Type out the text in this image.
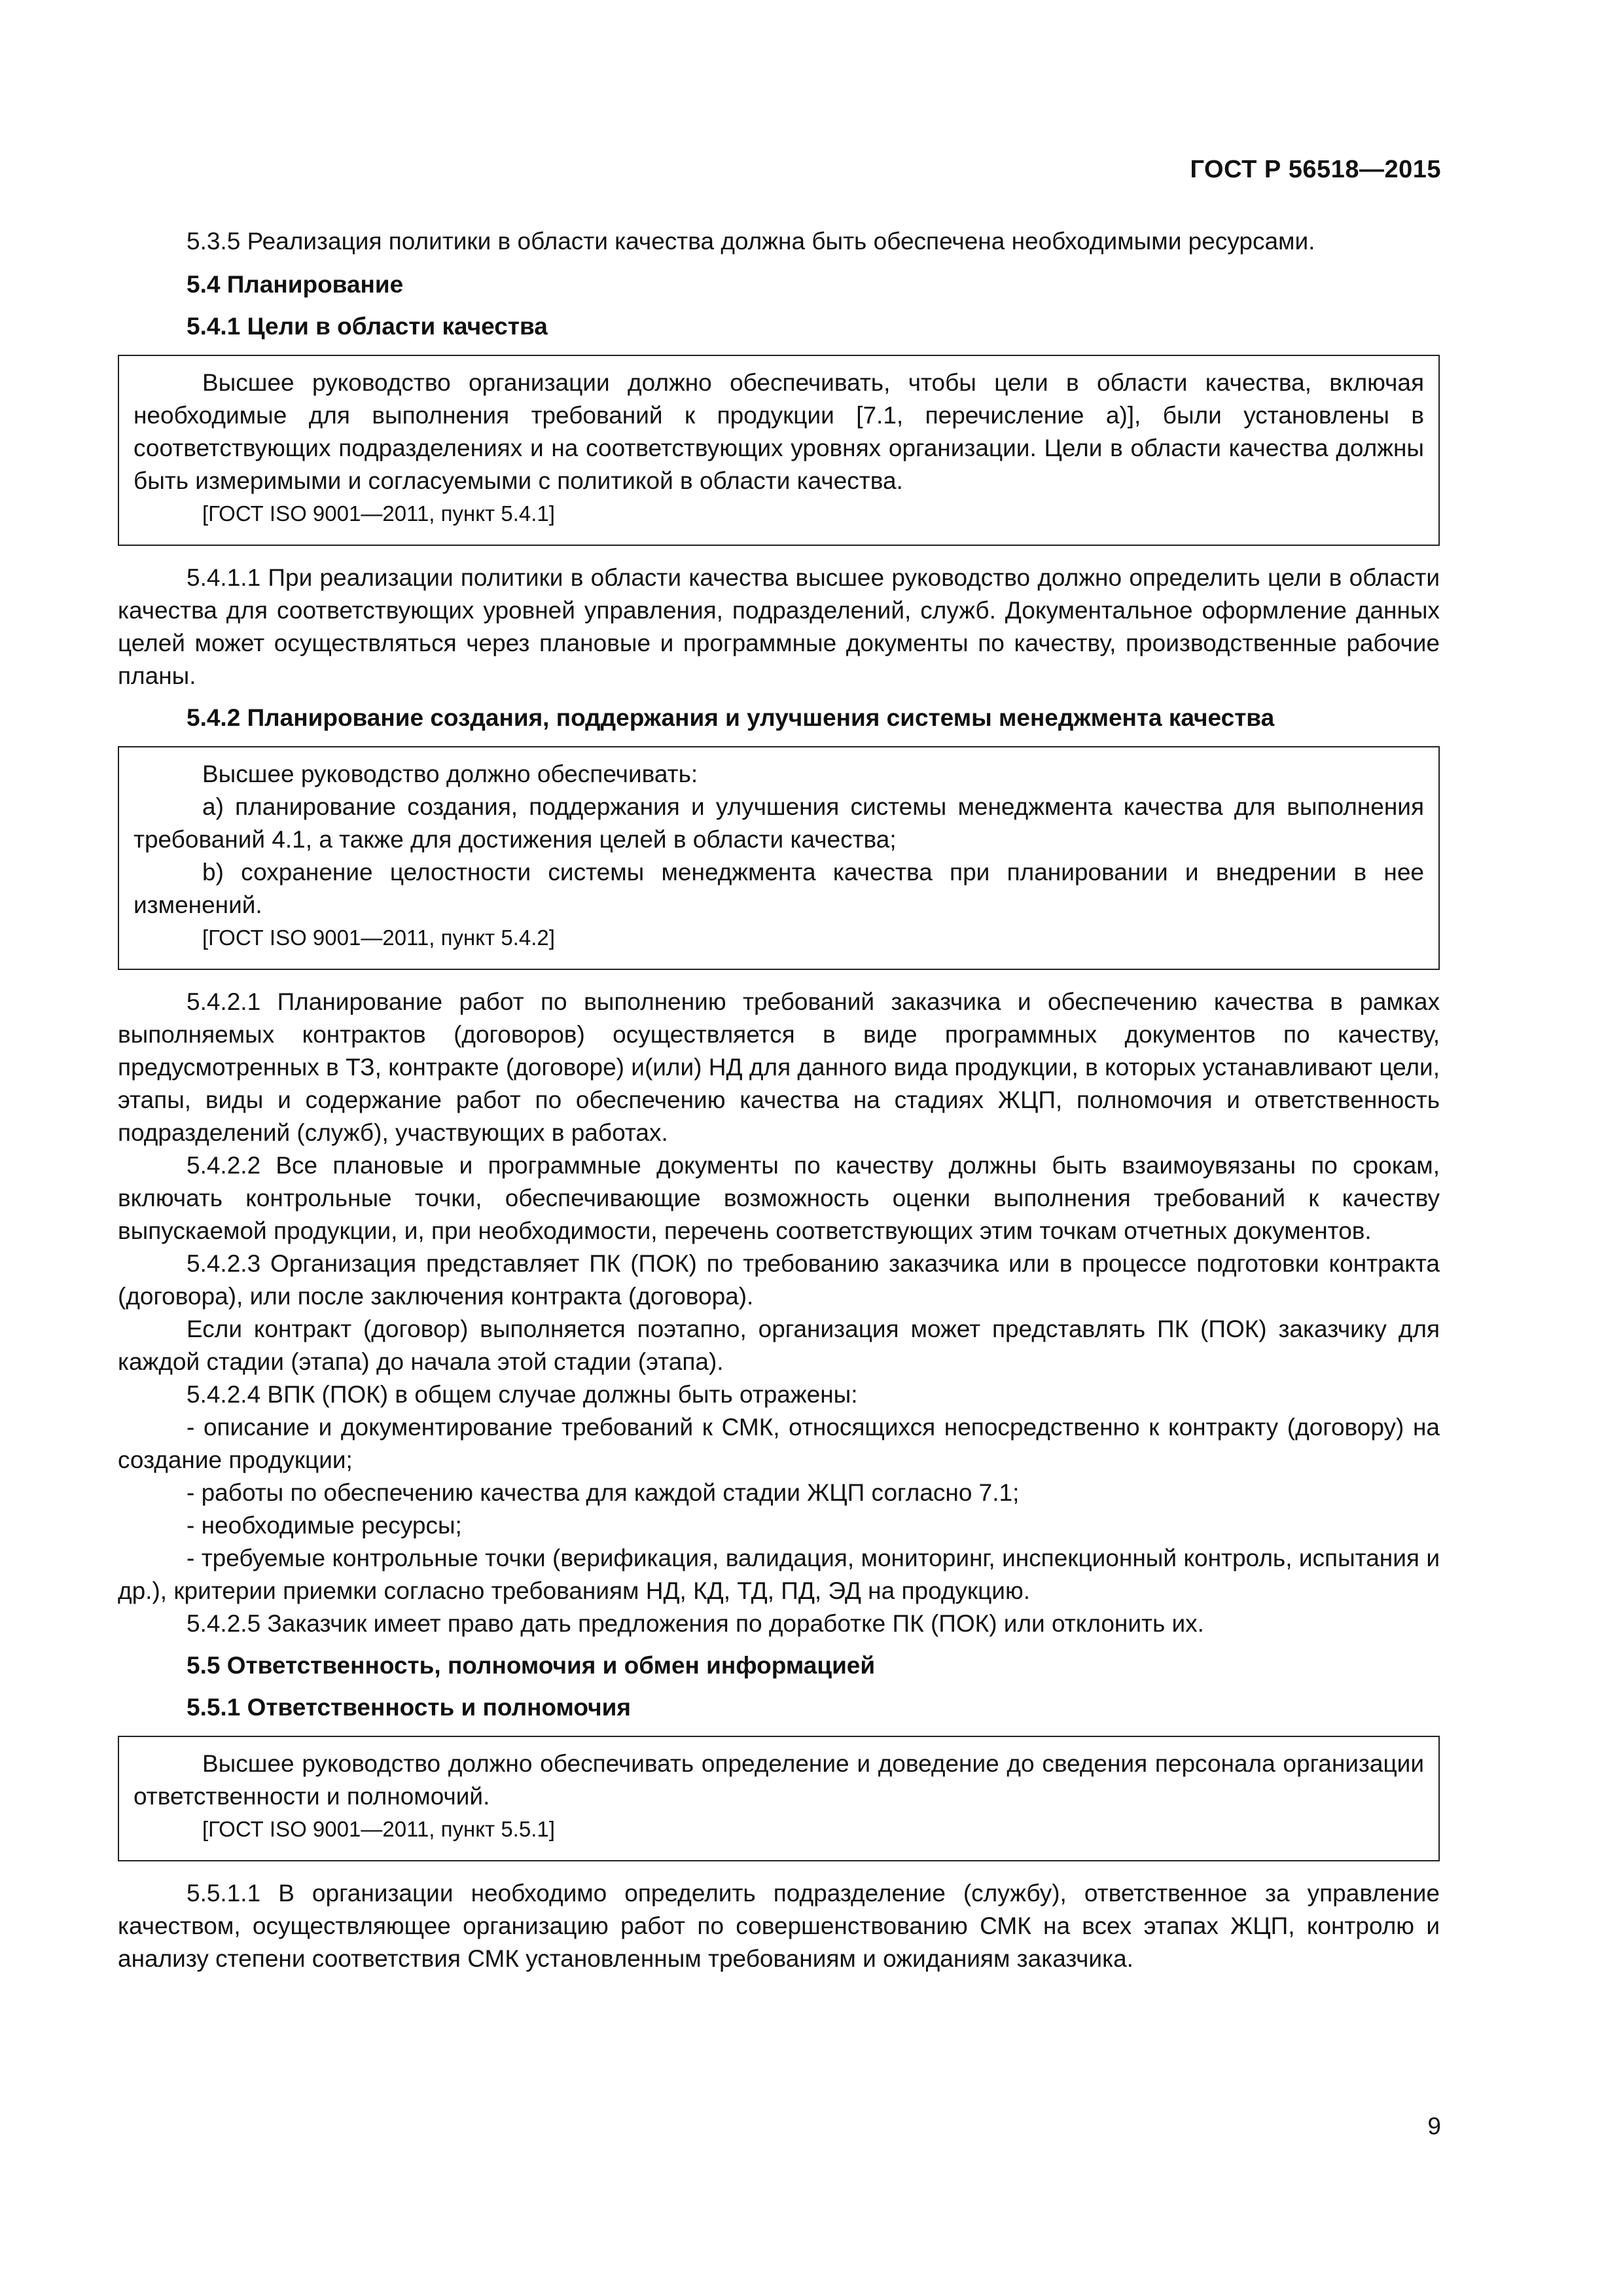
ГОСТ Р 56518—2015

5.3.5 Реализация политики в области качества должна быть обеспечена необходимыми ресурсами.

5.4 Планирование
5.4.1 Цели в области качества

Высшее руководство организации должно обеспечивать, чтобы цели в области качества, включая необходимые для выполнения требований к продукции [7.1, перечисление а)], были установлены в соответствующих подразделениях и на соответствующих уровнях организации. Цели в области качества должны быть измеримыми и согласуемыми с политикой в области качества.

[ГОСТ ISO 9001—2011, пункт 5.4.1]

5.4.1.1 При реализации политики в области качества высшее руководство должно определить цели в области качества для соответствующих уровней управления, подразделений, служб. Документальное оформление данных целей может осуществляться через плановые и программные документы по качеству, производственные рабочие планы.

5.4.2 Планирование создания, поддержания и улучшения системы менеджмента качества

Высшее руководство должно обеспечивать:

а) планирование создания, поддержания и улучшения системы менеджмента качества для выполнения требований 4.1, а также для достижения целей в области качества;

b) сохранение целостности системы менеджмента качества при планировании и внедрении в нее изменений.

[ГОСТ ISO 9001—2011, пункт 5.4.2]

5.4.2.1 Планирование работ по выполнению требований заказчика и обеспечению качества в рамках выполняемых контрактов (договоров) осуществляется в виде программных документов по качеству, предусмотренных в ТЗ, контракте (договоре) и(или) НД для данного вида продукции, в которых устанавливают цели, этапы, виды и содержание работ по обеспечению качества на стадиях ЖЦП, полномочия и ответственность подразделений (служб), участвующих в работах.

5.4.2.2 Все плановые и программные документы по качеству должны быть взаимоувязаны по срокам, включать контрольные точки, обеспечивающие возможность оценки выполнения требований к качеству выпускаемой продукции, и, при необходимости, перечень соответствующих этим точкам отчетных документов.

5.4.2.3 Организация представляет ПК (ПОК) по требованию заказчика или в процессе подготовки контракта (договора), или после заключения контракта (договора).

Если контракт (договор) выполняется поэтапно, организация может представлять ПК (ПОК) заказчику для каждой стадии (этапа) до начала этой стадии (этапа).

5.4.2.4 ВПК (ПОК) в общем случае должны быть отражены:

- описание и документирование требований к СМК, относящихся непосредственно к контракту (договору) на создание продукции;

- работы по обеспечению качества для каждой стадии ЖЦП согласно 7.1;

- необходимые ресурсы;

- требуемые контрольные точки (верификация, валидация, мониторинг, инспекционный контроль, испытания и др.), критерии приемки согласно требованиям НД, КД, ТД, ПД, ЭД на продукцию.

5.4.2.5 Заказчик имеет право дать предложения по доработке ПК (ПОК) или отклонить их.

5.5 Ответственность, полномочия и обмен информацией
5.5.1 Ответственность и полномочия

Высшее руководство должно обеспечивать определение и доведение до сведения персонала организации ответственности и полномочий.

[ГОСТ ISO 9001—2011, пункт 5.5.1]

5.5.1.1 В организации необходимо определить подразделение (службу), ответственное за управление качеством, осуществляющее организацию работ по совершенствованию СМК на всех этапах ЖЦП, контролю и анализу степени соответствия СМК установленным требованиям и ожиданиям заказчика.

9
